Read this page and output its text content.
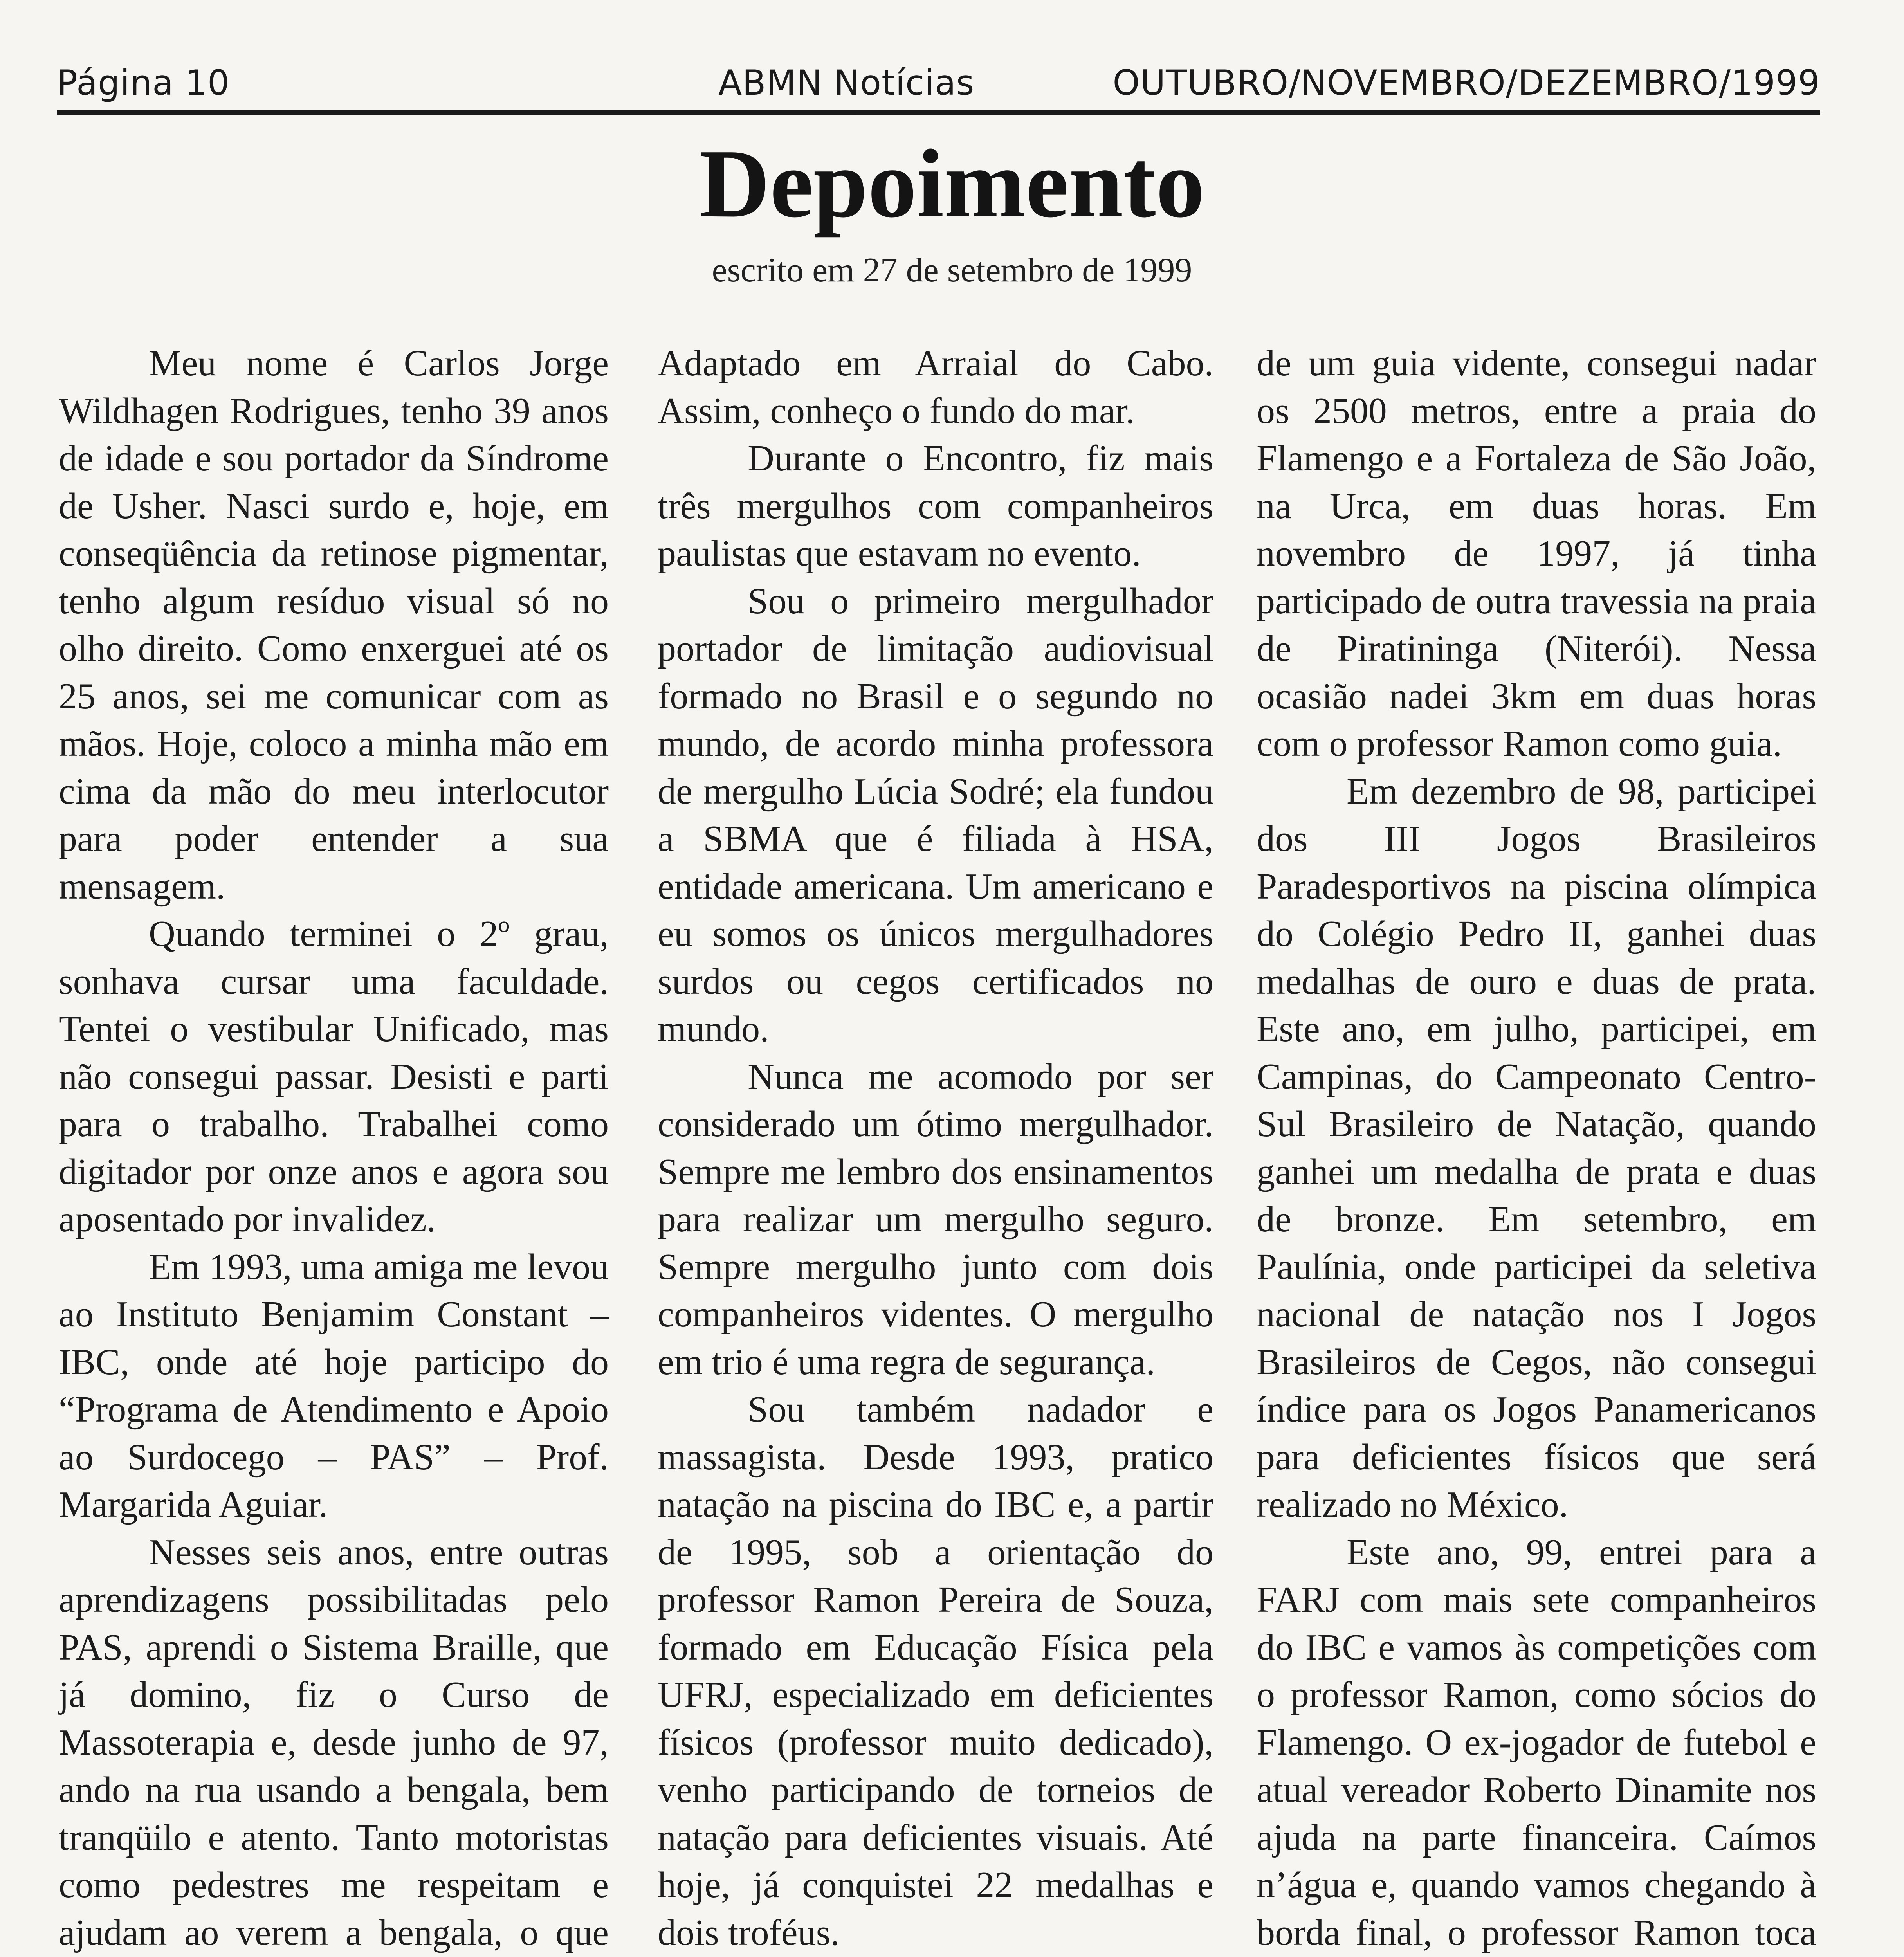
Página 10	ABMN Notícias	OUTUBRO/NOVEMBRO/DEZEMBRO/1999
Depoimento
escrito em 27 de setembro de 1999

Meu nome é Carlos Jorge Wildhagen Rodrigues, tenho 39 anos de idade e sou portador da Síndrome de Usher. Nasci surdo e, hoje, em conseqüência da retinose pigmentar, tenho algum resíduo visual só no olho direito. Como enxerguei até os 25 anos, sei me comunicar com as mãos. Hoje, coloco a minha mão em cima da mão do meu interlocutor para poder entender a sua mensagem.

Quando terminei o 2º grau, sonhava cursar uma faculdade. Tentei o vestibular Unificado, mas não consegui passar. Desisti e parti para o trabalho. Trabalhei como digitador por onze anos e agora sou aposentado por invalidez.

Em 1993, uma amiga me levou ao Instituto Benjamim Constant – IBC, onde até hoje participo do “Programa de Atendimento e Apoio ao Surdocego – PAS” – Prof. Margarida Aguiar.

Nesses seis anos, entre outras aprendizagens possibilitadas pelo PAS, aprendi o Sistema Braille, que já domino, fiz o Curso de Massoterapia e, desde junho de 97, ando na rua usando a bengala, bem tranqüilo e atento. Tanto motoristas como pedestres me respeitam e ajudam ao verem a bengala, o que

Adaptado em Arraial do Cabo. Assim, conheço o fundo do mar.

Durante o Encontro, fiz mais três mergulhos com companheiros paulistas que estavam no evento.

Sou o primeiro mergulhador portador de limitação audiovisual formado no Brasil e o segundo no mundo, de acordo minha professora de mergulho Lúcia Sodré; ela fundou a SBMA que é filiada à HSA, entidade americana. Um americano e eu somos os únicos mergulhadores surdos ou cegos certificados no mundo.

Nunca me acomodo por ser considerado um ótimo mergulhador. Sempre me lembro dos ensinamentos para realizar um mergulho seguro. Sempre mergulho junto com dois companheiros videntes. O mergulho em trio é uma regra de segurança.

Sou também nadador e massagista. Desde 1993, pratico natação na piscina do IBC e, a partir de 1995, sob a orientação do professor Ramon Pereira de Souza, formado em Educação Física pela UFRJ, especializado em deficientes físicos (professor muito dedicado), venho participando de torneios de natação para deficientes visuais. Até hoje, já conquistei 22 medalhas e dois troféus.

de um guia vidente, consegui nadar os 2500 metros, entre a praia do Flamengo e a Fortaleza de São João, na Urca, em duas horas. Em novembro de 1997, já tinha participado de outra travessia na praia de Piratininga (Niterói). Nessa ocasião nadei 3km em duas horas com o professor Ramon como guia.

Em dezembro de 98, participei dos III Jogos Brasileiros Paradesportivos na piscina olímpica do Colégio Pedro II, ganhei duas medalhas de ouro e duas de prata. Este ano, em julho, participei, em Campinas, do Campeonato Centro-Sul Brasileiro de Natação, quando ganhei um medalha de prata e duas de bronze. Em setembro, em Paulínia, onde participei da seletiva nacional de natação nos I Jogos Brasileiros de Cegos, não consegui índice para os Jogos Panamericanos para deficientes físicos que será realizado no México.

Este ano, 99, entrei para a FARJ com mais sete companheiros do IBC e vamos às competições com o professor Ramon, como sócios do Flamengo. O ex-jogador de futebol e atual vereador Roberto Dinamite nos ajuda na parte financeira. Caímos n’água e, quando vamos chegando à borda final, o professor Ramon toca
